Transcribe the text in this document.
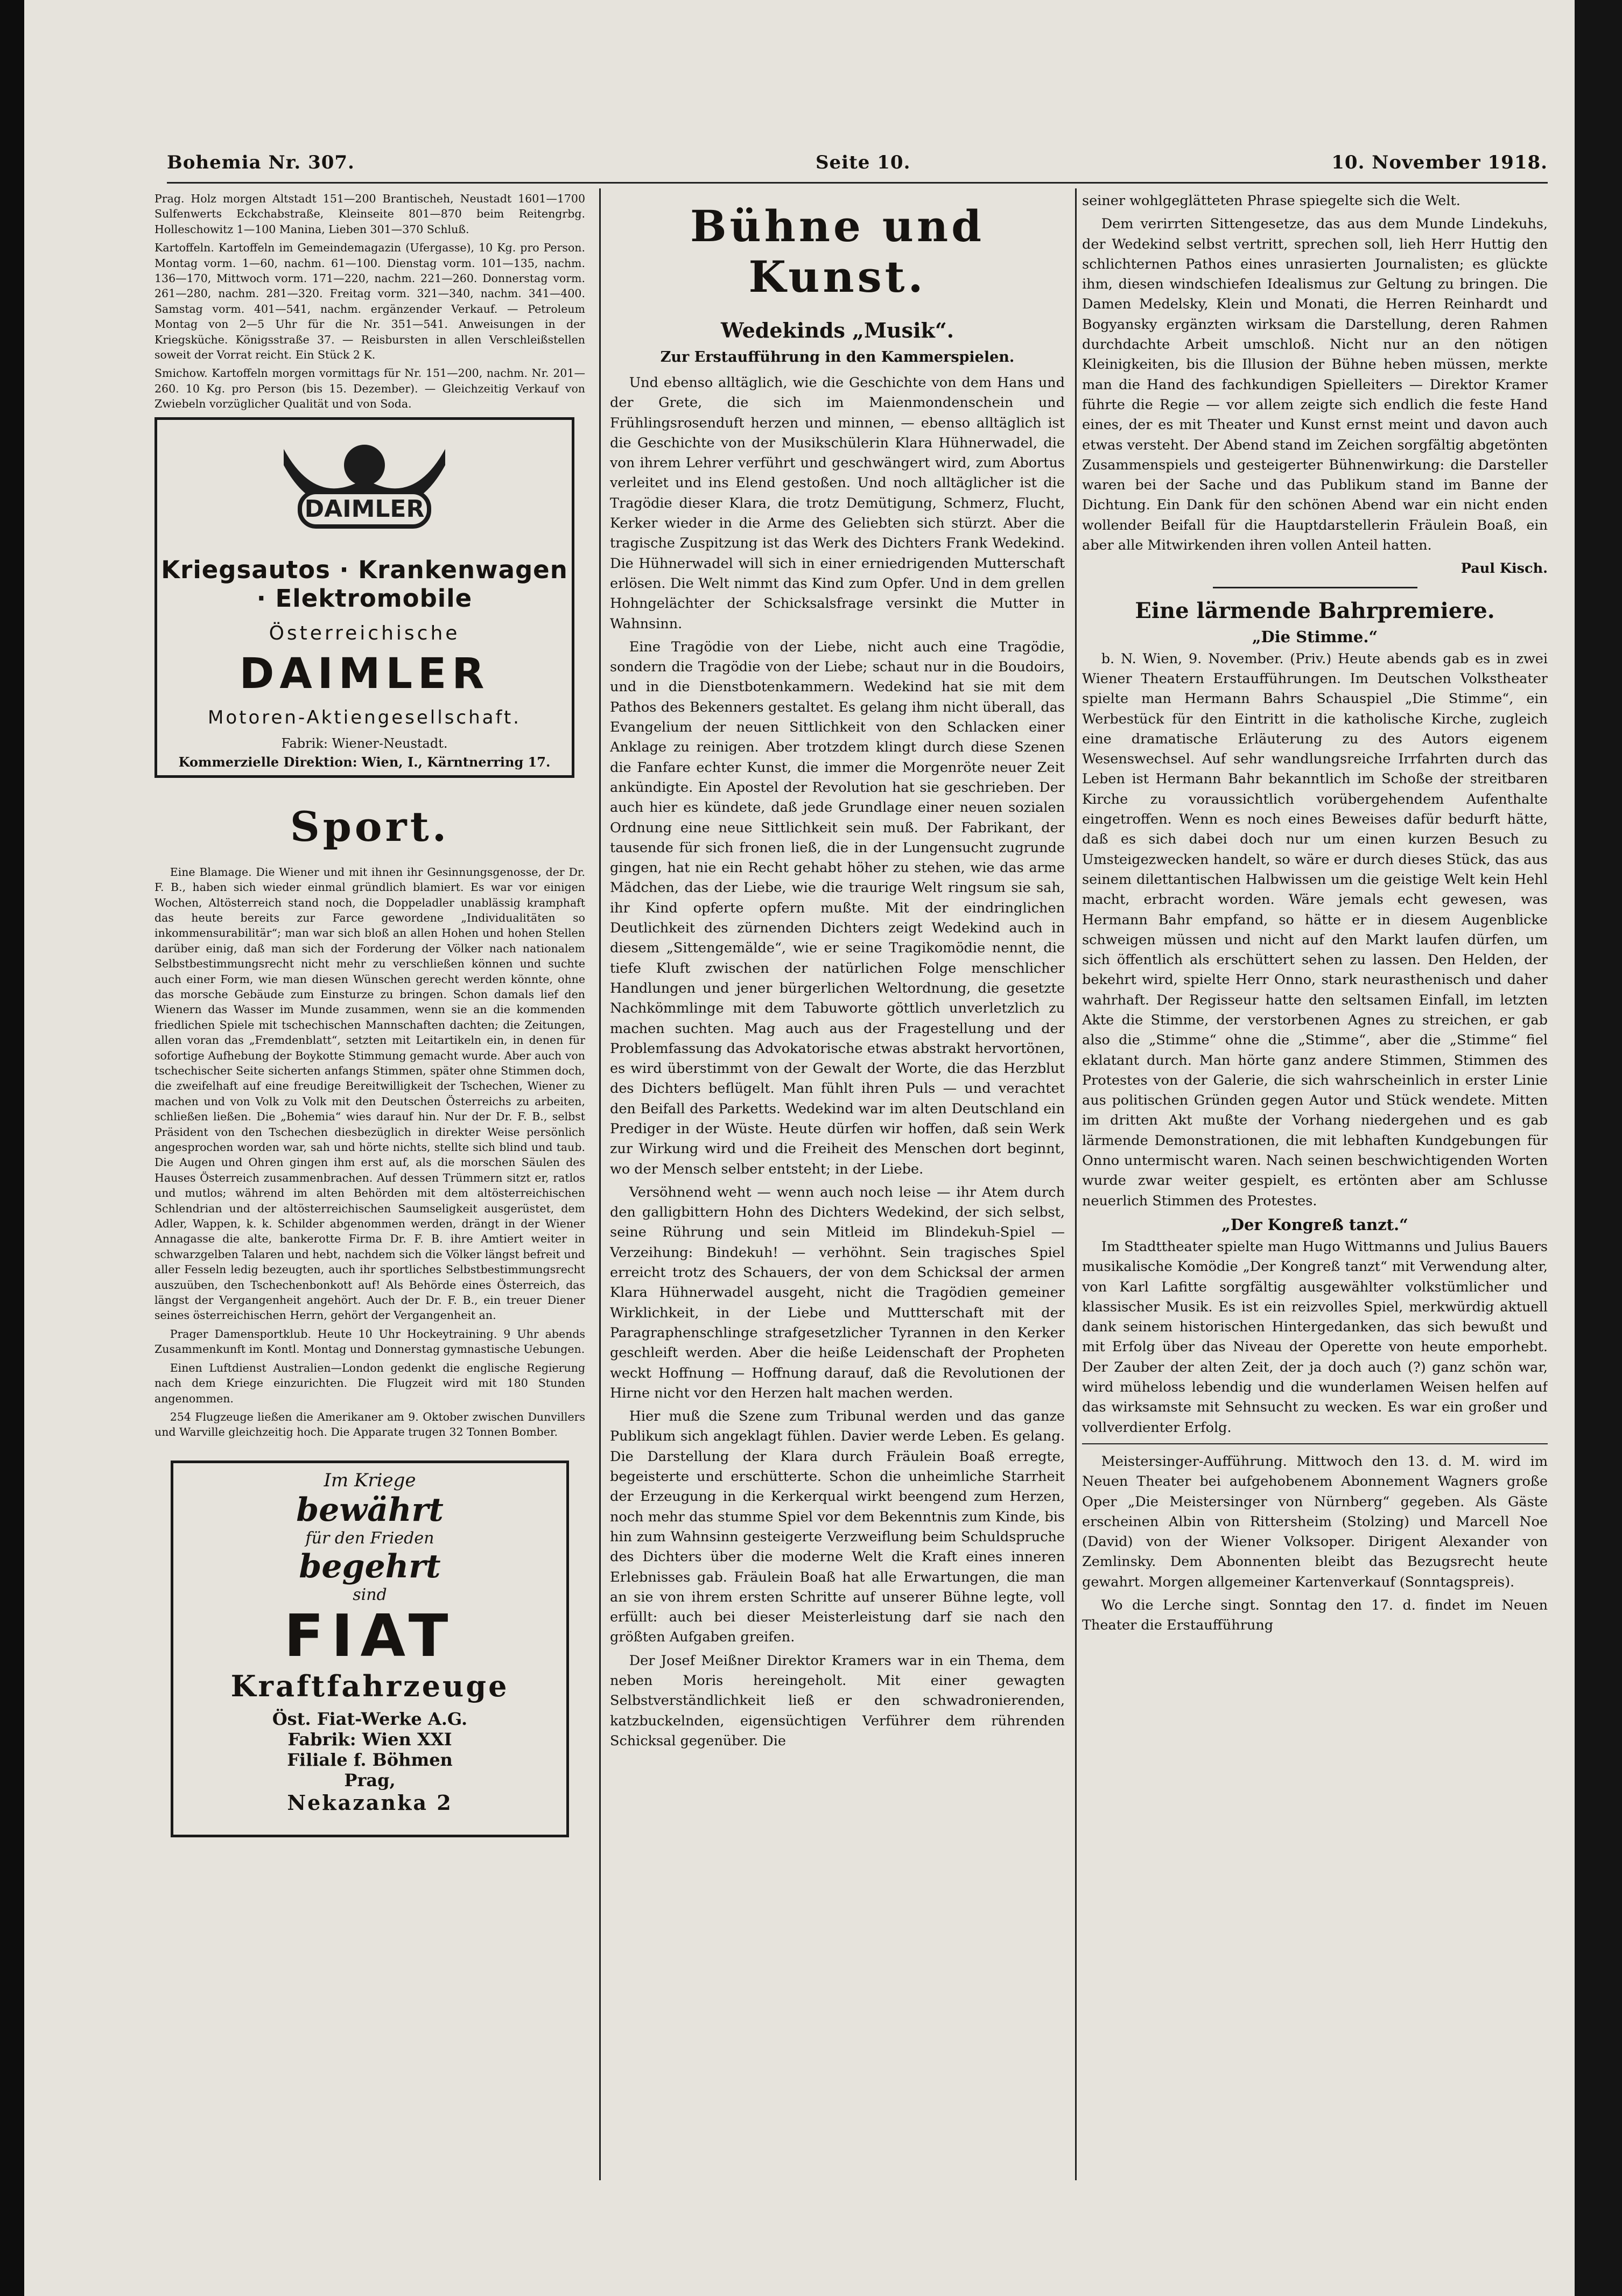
Bohemia Nr. 307.	Seite 10.	10. November 1918.

Prag. Holz morgen Altstadt 151—200 Brantischeh, Neustadt 1601—1700 Sulfenwerts Eckchabstraße, Kleinseite 801—870 beim Reitengrbg. Holleschowitz 1—100 Manina, Lieben 301—370 Schluß.

Kartoffeln. Kartoffeln im Gemeindemagazin (Ufergasse), 10 Kg. pro Person. Montag vorm. 1—60, nachm. 61—100. Dienstag vorm. 101—135, nachm. 136—170, Mittwoch vorm. 171—220, nachm. 221—260. Donnerstag vorm. 261—280, nachm. 281—320. Freitag vorm. 321—340, nachm. 341—400. Samstag vorm. 401—541, nachm. ergänzender Verkauf. — Petroleum Montag von 2—5 Uhr für die Nr. 351—541. Anweisungen in der Kriegsküche. Königsstraße 37. — Reisbursten in allen Verschleißstellen soweit der Vorrat reicht. Ein Stück 2 K.

Smichow. Kartoffeln morgen vormittags für Nr. 151—200, nachm. Nr. 201—260. 10 Kg. pro Person (bis 15. Dezember). — Gleichzeitig Verkauf von Zwiebeln vorzüglicher Qualität und von Soda.

DAIMLER
Kriegsautos · Krankenwagen · Elektromobile
Österreichische
DAIMLER
Motoren-Aktiengesellschaft.
Fabrik: Wiener-Neustadt.
Kommerzielle Direktion: Wien, I., Kärntnerring 17.
Sport.

Eine Blamage. Die Wiener und mit ihnen ihr Gesinnungsgenosse, der Dr. F. B., haben sich wieder einmal gründlich blamiert. Es war vor einigen Wochen, Altösterreich stand noch, die Doppeladler unablässig kramphaft das heute bereits zur Farce gewordene „Individualitäten so inkommensurabilitär“; man war sich bloß an allen Hohen und hohen Stellen darüber einig, daß man sich der Forderung der Völker nach nationalem Selbstbestimmungsrecht nicht mehr zu verschließen können und suchte auch einer Form, wie man diesen Wünschen gerecht werden könnte, ohne das morsche Gebäude zum Einsturze zu bringen. Schon damals lief den Wienern das Wasser im Munde zusammen, wenn sie an die kommenden friedlichen Spiele mit tschechischen Mannschaften dachten; die Zeitungen, allen voran das „Fremdenblatt“, setzten mit Leitartikeln ein, in denen für sofortige Aufhebung der Boykotte Stimmung gemacht wurde. Aber auch von tschechischer Seite sicherten anfangs Stimmen, später ohne Stimmen doch, die zweifelhaft auf eine freudige Bereitwilligkeit der Tschechen, Wiener zu machen und von Volk zu Volk mit den Deutschen Österreichs zu arbeiten, schließen ließen. Die „Bohemia“ wies darauf hin. Nur der Dr. F. B., selbst Präsident von den Tschechen diesbezüglich in direkter Weise persönlich angesprochen worden war, sah und hörte nichts, stellte sich blind und taub. Die Augen und Ohren gingen ihm erst auf, als die morschen Säulen des Hauses Österreich zusammenbrachen. Auf dessen Trümmern sitzt er, ratlos und mutlos; während im alten Behörden mit dem altösterreichischen Schlendrian und der altösterreichischen Saumseligkeit ausgerüstet, dem Adler, Wappen, k. k. Schilder abgenommen werden, drängt in der Wiener Annagasse die alte, bankerotte Firma Dr. F. B. ihre Amtiert weiter in schwarzgelben Talaren und hebt, nachdem sich die Völker längst befreit und aller Fesseln ledig bezeugten, auch ihr sportliches Selbstbestimmungsrecht auszuüben, den Tschechenbonkott auf! Als Behörde eines Österreich, das längst der Vergangenheit angehört. Auch der Dr. F. B., ein treuer Diener seines österreichischen Herrn, gehört der Vergangenheit an.

Prager Damensportklub. Heute 10 Uhr Hockeytraining. 9 Uhr abends Zusammenkunft im Kontl. Montag und Donnerstag gymnastische Uebungen.

Einen Luftdienst Australien—London gedenkt die englische Regierung nach dem Kriege einzurichten. Die Flugzeit wird mit 180 Stunden angenommen.

254 Flugzeuge ließen die Amerikaner am 9. Oktober zwischen Dunvillers und Warville gleichzeitig hoch. Die Apparate trugen 32 Tonnen Bomber.

Im Kriege
bewährt
für den Frieden
begehrt
sind
FIAT
Kraftfahrzeuge
Öst. Fiat-Werke A.G.
Fabrik: Wien XXI
Filiale f. Böhmen
Prag,
Nekazanka 2
Bühne und Kunst.
Wedekinds „Musik“.
Zur Erstaufführung in den Kammerspielen.

Und ebenso alltäglich, wie die Geschichte von dem Hans und der Grete, die sich im Maienmondenschein und Frühlingsrosenduft herzen und minnen, — ebenso alltäglich ist die Geschichte von der Musikschülerin Klara Hühnerwadel, die von ihrem Lehrer verführt und geschwängert wird, zum Abortus verleitet und ins Elend gestoßen. Und noch alltäglicher ist die Tragödie dieser Klara, die trotz Demütigung, Schmerz, Flucht, Kerker wieder in die Arme des Geliebten sich stürzt. Aber die tragische Zuspitzung ist das Werk des Dichters Frank Wedekind. Die Hühnerwadel will sich in einer erniedrigenden Mutterschaft erlösen. Die Welt nimmt das Kind zum Opfer. Und in dem grellen Hohngelächter der Schicksalsfrage versinkt die Mutter in Wahnsinn.

Eine Tragödie von der Liebe, nicht auch eine Tragödie, sondern die Tragödie von der Liebe; schaut nur in die Boudoirs, und in die Dienstbotenkammern. Wedekind hat sie mit dem Pathos des Bekenners gestaltet. Es gelang ihm nicht überall, das Evangelium der neuen Sittlichkeit von den Schlacken einer Anklage zu reinigen. Aber trotzdem klingt durch diese Szenen die Fanfare echter Kunst, die immer die Morgenröte neuer Zeit ankündigte. Ein Apostel der Revolution hat sie geschrieben. Der auch hier es kündete, daß jede Grundlage einer neuen sozialen Ordnung eine neue Sittlichkeit sein muß. Der Fabrikant, der tausende für sich fronen ließ, die in der Lungensucht zugrunde gingen, hat nie ein Recht gehabt höher zu stehen, wie das arme Mädchen, das der Liebe, wie die traurige Welt ringsum sie sah, ihr Kind opferte opfern mußte. Mit der eindringlichen Deutlichkeit des zürnenden Dichters zeigt Wedekind auch in diesem „Sittengemälde“, wie er seine Tragikomödie nennt, die tiefe Kluft zwischen der natürlichen Folge menschlicher Handlungen und jener bürgerlichen Weltordnung, die gesetzte Nachkömmlinge mit dem Tabuworte göttlich unverletzlich zu machen suchten. Mag auch aus der Fragestellung und der Problemfassung das Advokatorische etwas abstrakt hervortönen, es wird überstimmt von der Gewalt der Worte, die das Herzblut des Dichters beflügelt. Man fühlt ihren Puls — und verachtet den Beifall des Parketts. Wedekind war im alten Deutschland ein Prediger in der Wüste. Heute dürfen wir hoffen, daß sein Werk zur Wirkung wird und die Freiheit des Menschen dort beginnt, wo der Mensch selber entsteht; in der Liebe.

Versöhnend weht — wenn auch noch leise — ihr Atem durch den galligbittern Hohn des Dichters Wedekind, der sich selbst, seine Rührung und sein Mitleid im Blindekuh-Spiel — Verzeihung: Bindekuh! — verhöhnt. Sein tragisches Spiel erreicht trotz des Schauers, der von dem Schicksal der armen Klara Hühnerwadel ausgeht, nicht die Tragödien gemeiner Wirklichkeit, in der Liebe und Muttterschaft mit der Paragraphenschlinge strafgesetzlicher Tyrannen in den Kerker geschleift werden. Aber die heiße Leidenschaft der Propheten weckt Hoffnung — Hoffnung darauf, daß die Revolutionen der Hirne nicht vor den Herzen halt machen werden.

Hier muß die Szene zum Tribunal werden und das ganze Publikum sich angeklagt fühlen. Davier werde Leben. Es gelang. Die Darstellung der Klara durch Fräulein Boaß erregte, begeisterte und erschütterte. Schon die unheimliche Starrheit der Erzeugung in die Kerkerqual wirkt beengend zum Herzen, noch mehr das stumme Spiel vor dem Bekenntnis zum Kinde, bis hin zum Wahnsinn gesteigerte Verzweiflung beim Schuldspruche des Dichters über die moderne Welt die Kraft eines inneren Erlebnisses gab. Fräulein Boaß hat alle Erwartungen, die man an sie von ihrem ersten Schritte auf unserer Bühne legte, voll erfüllt: auch bei dieser Meisterleistung darf sie nach den größten Aufgaben greifen.

Der Josef Meißner Direktor Kramers war in ein Thema, dem neben Moris hereingeholt. Mit einer gewagten Selbstverständlichkeit ließ er den schwadronierenden, katzbuckelnden, eigensüchtigen Verführer dem rührenden Schicksal gegenüber. Die

seiner wohlgeglätteten Phrase spiegelte sich die Welt.

Dem verirrten Sittengesetze, das aus dem Munde Lindekuhs, der Wedekind selbst vertritt, sprechen soll, lieh Herr Huttig den schlichternen Pathos eines unrasierten Journalisten; es glückte ihm, diesen windschiefen Idealismus zur Geltung zu bringen. Die Damen Medelsky, Klein und Monati, die Herren Reinhardt und Bogyansky ergänzten wirksam die Darstellung, deren Rahmen durchdachte Arbeit umschloß. Nicht nur an den nötigen Kleinigkeiten, bis die Illusion der Bühne heben müssen, merkte man die Hand des fachkundigen Spielleiters — Direktor Kramer führte die Regie — vor allem zeigte sich endlich die feste Hand eines, der es mit Theater und Kunst ernst meint und davon auch etwas versteht. Der Abend stand im Zeichen sorgfältig abgetönten Zusammenspiels und gesteigerter Bühnenwirkung: die Darsteller waren bei der Sache und das Publikum stand im Banne der Dichtung. Ein Dank für den schönen Abend war ein nicht enden wollender Beifall für die Hauptdarstellerin Fräulein Boaß, ein aber alle Mitwirkenden ihren vollen Anteil hatten.

Paul Kisch.
Eine lärmende Bahrpremiere.
„Die Stimme.“

b. N. Wien, 9. November. (Priv.) Heute abends gab es in zwei Wiener Theatern Erstaufführungen. Im Deutschen Volkstheater spielte man Hermann Bahrs Schauspiel „Die Stimme“, ein Werbestück für den Eintritt in die katholische Kirche, zugleich eine dramatische Erläuterung zu des Autors eigenem Wesenswechsel. Auf sehr wandlungsreiche Irrfahrten durch das Leben ist Hermann Bahr bekanntlich im Schoße der streitbaren Kirche zu voraussichtlich vorübergehendem Aufenthalte eingetroffen. Wenn es noch eines Beweises dafür bedurft hätte, daß es sich dabei doch nur um einen kurzen Besuch zu Umsteigezwecken handelt, so wäre er durch dieses Stück, das aus seinem dilettantischen Halbwissen um die geistige Welt kein Hehl macht, erbracht worden. Wäre jemals echt gewesen, was Hermann Bahr empfand, so hätte er in diesem Augenblicke schweigen müssen und nicht auf den Markt laufen dürfen, um sich öffentlich als erschüttert sehen zu lassen. Den Helden, der bekehrt wird, spielte Herr Onno, stark neurasthenisch und daher wahrhaft. Der Regisseur hatte den seltsamen Einfall, im letzten Akte die Stimme, der verstorbenen Agnes zu streichen, er gab also die „Stimme“ ohne die „Stimme“, aber die „Stimme“ fiel eklatant durch. Man hörte ganz andere Stimmen, Stimmen des Protestes von der Galerie, die sich wahrscheinlich in erster Linie aus politischen Gründen gegen Autor und Stück wendete. Mitten im dritten Akt mußte der Vorhang niedergehen und es gab lärmende Demonstrationen, die mit lebhaften Kundgebungen für Onno untermischt waren. Nach seinen beschwichtigenden Worten wurde zwar weiter gespielt, es ertönten aber am Schlusse neuerlich Stimmen des Protestes.

„Der Kongreß tanzt.“

Im Stadttheater spielte man Hugo Wittmanns und Julius Bauers musikalische Komödie „Der Kongreß tanzt“ mit Verwendung alter, von Karl Lafitte sorgfältig ausgewählter volkstümlicher und klassischer Musik. Es ist ein reizvolles Spiel, merkwürdig aktuell dank seinem historischen Hintergedanken, das sich bewußt und mit Erfolg über das Niveau der Operette von heute emporhebt. Der Zauber der alten Zeit, der ja doch auch (?) ganz schön war, wird müheloss lebendig und die wunderlamen Weisen helfen auf das wirksamste mit Sehnsucht zu wecken. Es war ein großer und vollverdienter Erfolg.

Meistersinger-Aufführung. Mittwoch den 13. d. M. wird im Neuen Theater bei aufgehobenem Abonnement Wagners große Oper „Die Meistersinger von Nürnberg“ gegeben. Als Gäste erscheinen Albin von Rittersheim (Stolzing) und Marcell Noe (David) von der Wiener Volksoper. Dirigent Alexander von Zemlinsky. Dem Abonnenten bleibt das Bezugsrecht heute gewahrt. Morgen allgemeiner Kartenverkauf (Sonntagspreis).

Wo die Lerche singt. Sonntag den 17. d. findet im Neuen Theater die Erstaufführung
